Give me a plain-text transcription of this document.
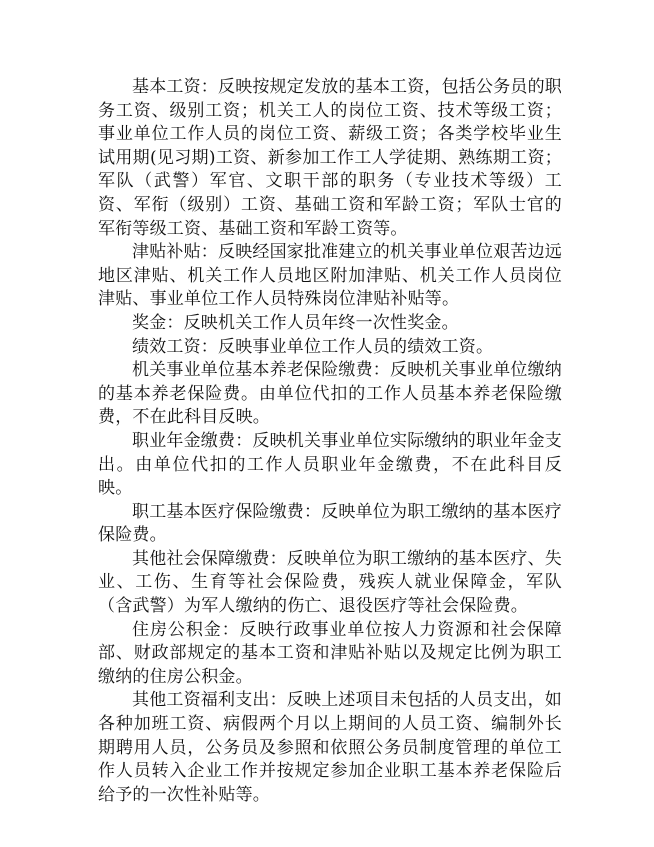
基本工资：反映按规定发放的基本工资，包括公务员的职务工资、级别工资；机关工人的岗位工资、技术等级工资；事业单位工作人员的岗位工资、薪级工资；各类学校毕业生试用期(见习期)工资、新参加工作工人学徒期、熟练期工资；军队（武警）军官、文职干部的职务（专业技术等级）工资、军衔（级别）工资、基础工资和军龄工资；军队士官的军衔等级工资、基础工资和军龄工资等。

津贴补贴：反映经国家批准建立的机关事业单位艰苦边远地区津贴、机关工作人员地区附加津贴、机关工作人员岗位津贴、事业单位工作人员特殊岗位津贴补贴等。

奖金：反映机关工作人员年终一次性奖金。

绩效工资：反映事业单位工作人员的绩效工资。

机关事业单位基本养老保险缴费：反映机关事业单位缴纳的基本养老保险费。由单位代扣的工作人员基本养老保险缴费，不在此科目反映。

职业年金缴费：反映机关事业单位实际缴纳的职业年金支出。由单位代扣的工作人员职业年金缴费，不在此科目反映。

职工基本医疗保险缴费：反映单位为职工缴纳的基本医疗保险费。

其他社会保障缴费：反映单位为职工缴纳的基本医疗、失业、工伤、生育等社会保险费，残疾人就业保障金，军队（含武警）为军人缴纳的伤亡、退役医疗等社会保险费。

住房公积金：反映行政事业单位按人力资源和社会保障部、财政部规定的基本工资和津贴补贴以及规定比例为职工缴纳的住房公积金。

其他工资福利支出：反映上述项目未包括的人员支出，如各种加班工资、病假两个月以上期间的人员工资、编制外长期聘用人员，公务员及参照和依照公务员制度管理的单位工作人员转入企业工作并按规定参加企业职工基本养老保险后给予的一次性补贴等。
